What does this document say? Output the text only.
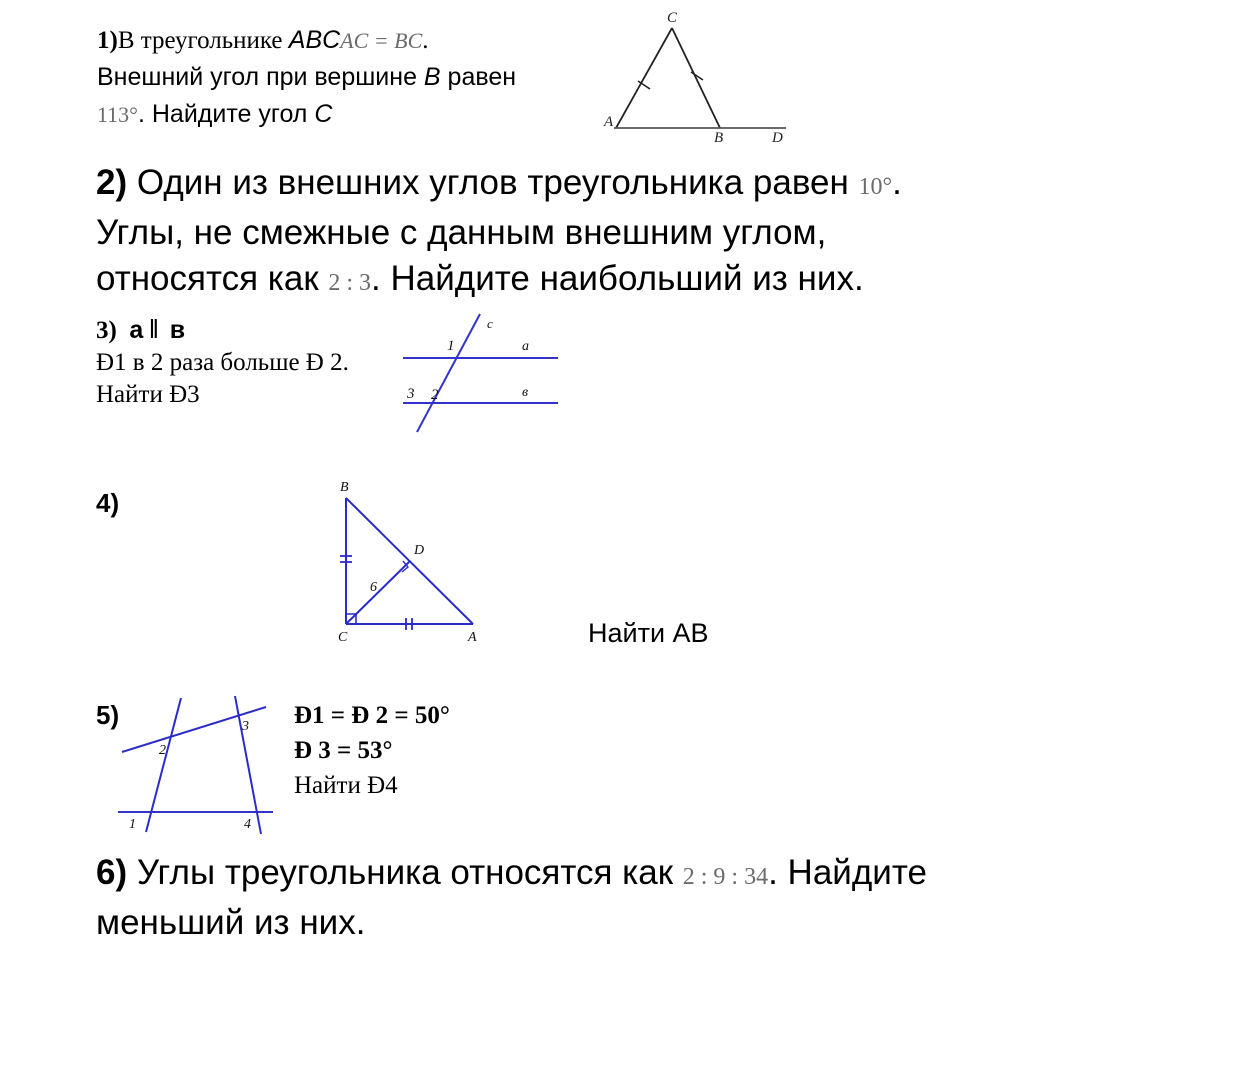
1)В треугольнике ABCAC = BC.
Внешний угол при вершине B равен
113°. Найдите угол C
C
A
B	D
2) Один из внешних углов треугольника равен 10°.
Углы, не смежные с данным внешним углом,
относятся как 2 : 3. Найдите наибольший из них.
3) а ‖ в
Ð1 в 2 раза больше Ð 2.
Найти Ð3
c
a
в
1
3 2
4)
B
C	A
D
6
Найти AB
5)
2
3
1	4
Ð1 = Ð 2 = 50°
Ð 3 = 53°
Найти Ð4
6) Углы треугольника относятся как 2 : 9 : 34. Найдите
меньший из них.
